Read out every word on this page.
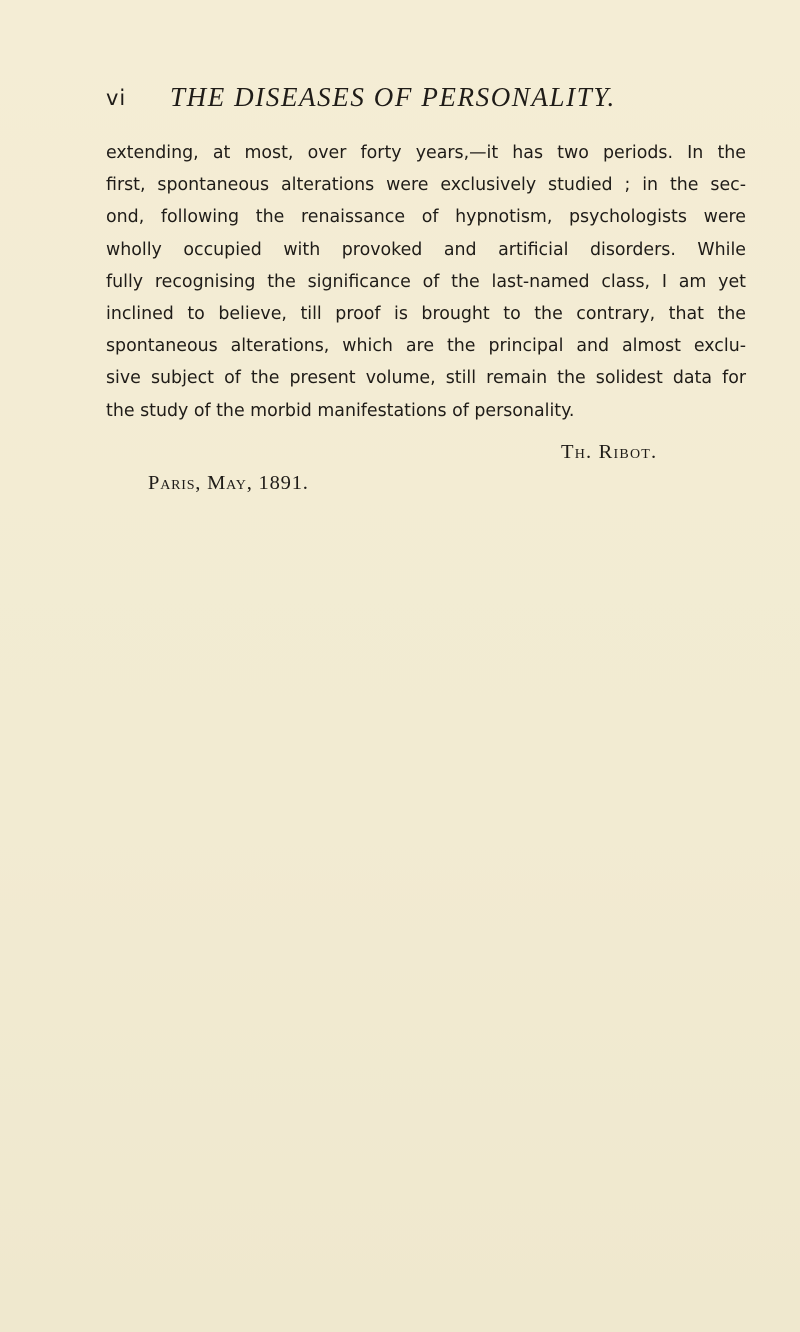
vi THE DISEASES OF PERSONALITY.
extending, at most, over forty years,—it has two periods. In the
first, spontaneous alterations were exclusively studied ; in the sec-
ond, following the renaissance of hypnotism, psychologists were
wholly occupied with provoked and artificial disorders. While
fully recognising the significance of the last-named class, I am yet
inclined to believe, till proof is brought to the contrary, that the
spontaneous alterations, which are the principal and almost exclu-
sive subject of the present volume, still remain the solidest data for
the study of the morbid manifestations of personality.
Th. Ribot.
Paris, May, 1891.
